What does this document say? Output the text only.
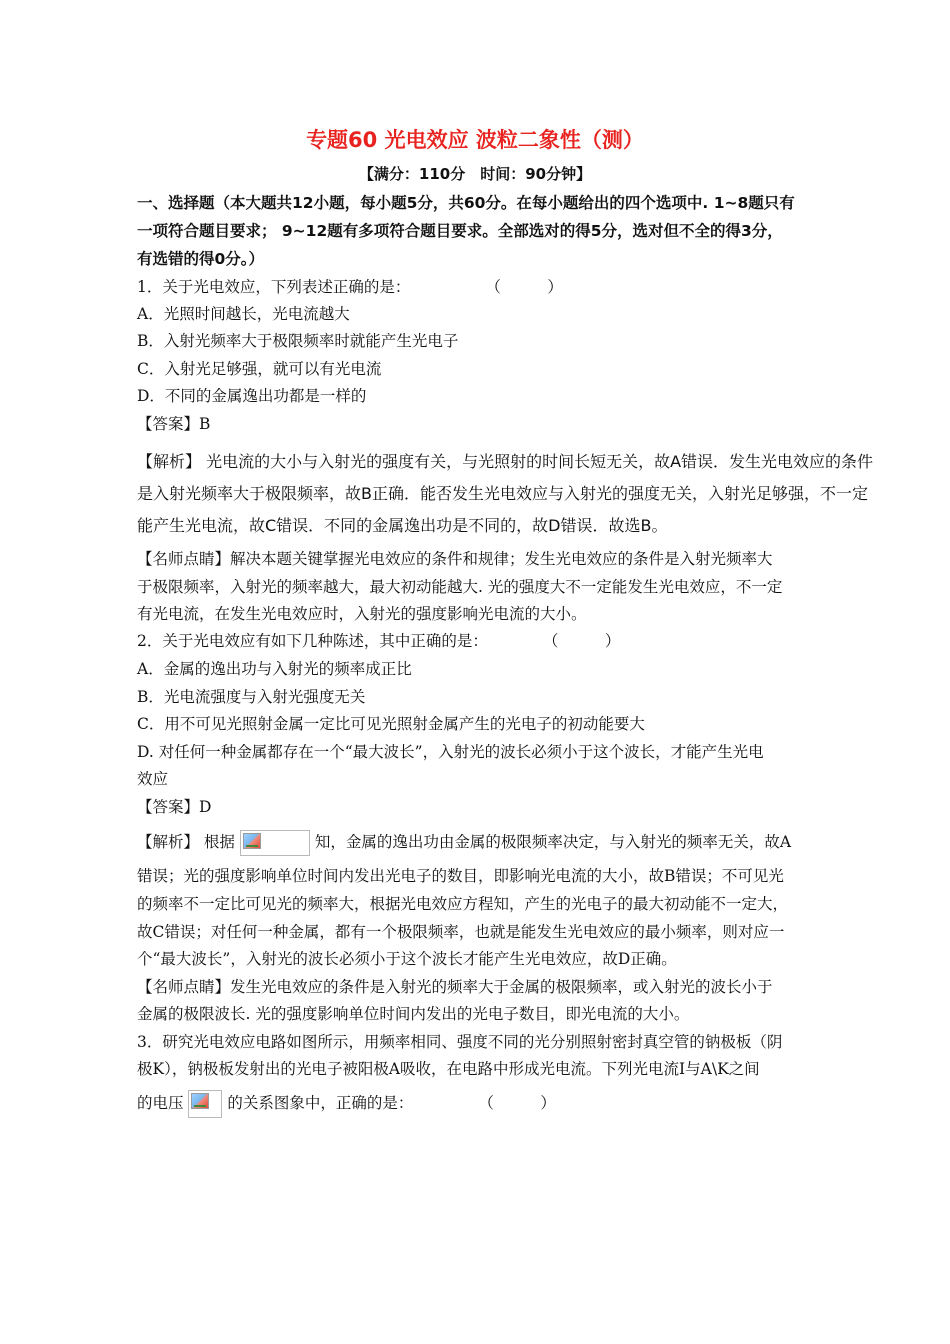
专题60 光电效应 波粒二象性（测）
【满分：110分　时间：90分钟】
一、选择题（本大题共12小题，每小题5分，共60分。在每小题给出的四个选项中. 1~8题只有
一项符合题目要求； 9~12题有多项符合题目要求。全部选对的得5分，选对但不全的得3分，
有选错的得0分。）
1．关于光电效应，下列表述正确的是：	（　　　）
A．光照时间越长，光电流越大
B．入射光频率大于极限频率时就能产生光电子
C．入射光足够强，就可以有光电流
D．不同的金属逸出功都是一样的
【答案】B
【解析】 光电流的大小与入射光的强度有关，与光照射的时间长短无关，故A错误．发生光电效应的条件
是入射光频率大于极限频率，故B正确．能否发生光电效应与入射光的强度无关，入射光足够强，不一定
能产生光电流，故C错误．不同的金属逸出功是不同的，故D错误．故选B。
【名师点睛】解决本题关键掌握光电效应的条件和规律；发生光电效应的条件是入射光频率大
于极限频率，入射光的频率越大，最大初动能越大. 光的强度大不一定能发生光电效应，不一定
有光电流，在发生光电效应时，入射光的强度影响光电流的大小。
2．关于光电效应有如下几种陈述，其中正确的是：	（　　　）
A．金属的逸出功与入射光的频率成正比
B．光电流强度与入射光强度无关
C．用不可见光照射金属一定比可见光照射金属产生的光电子的初动能要大
D. 对任何一种金属都存在一个“最大波长”，入射光的波长必须小于这个波长，才能产生光电
效应
【答案】D
【解析】 根据	知，金属的逸出功由金属的极限频率决定，与入射光的频率无关，故A
错误；光的强度影响单位时间内发出光电子的数目，即影响光电流的大小，故B错误；不可见光
的频率不一定比可见光的频率大，根据光电效应方程知，产生的光电子的最大初动能不一定大，
故C错误；对任何一种金属，都有一个极限频率，也就是能发生光电效应的最小频率，则对应一
个“最大波长”，入射光的波长必须小于这个波长才能产生光电效应，故D正确。
【名师点睛】发生光电效应的条件是入射光的频率大于金属的极限频率，或入射光的波长小于
金属的极限波长. 光的强度影响单位时间内发出的光电子数目，即光电流的大小。
3．研究光电效应电路如图所示，用频率相同、强度不同的光分别照射密封真空管的钠极板（阴
极K），钠极板发射出的光电子被阳极A吸收，在电路中形成光电流。下列光电流I与A\K之间
的电压	的关系图象中，正确的是：	（　　　）
